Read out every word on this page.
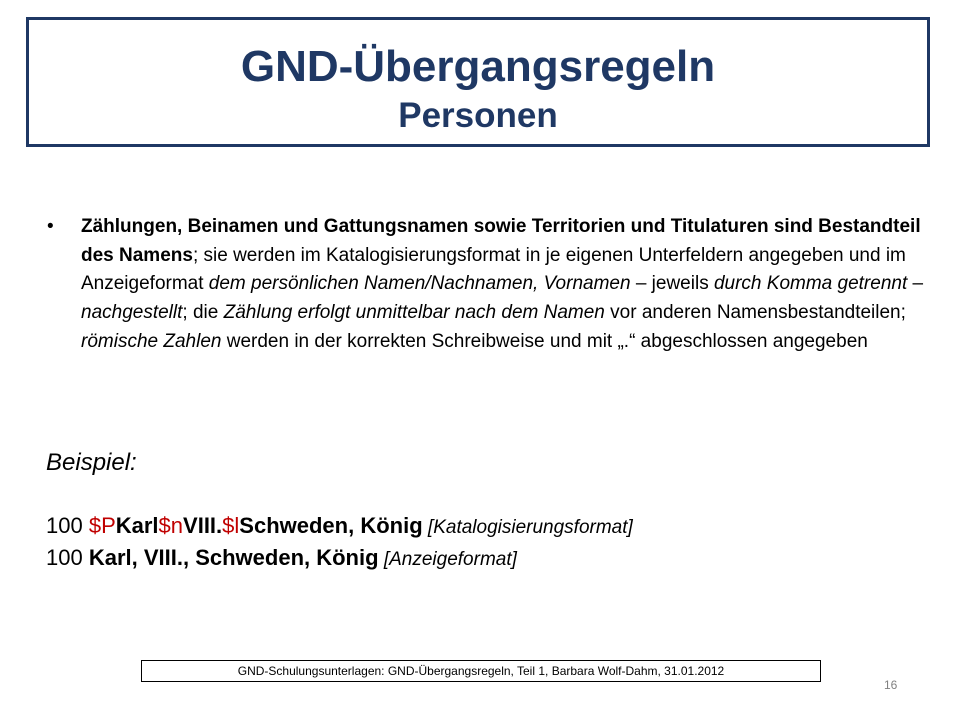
GND-Übergangsregeln
Personen
• Zählungen, Beinamen und Gattungsnamen sowie Territorien und Titulaturen sind Bestandteil des Namens; sie werden im Katalogisierungsformat in je eigenen Unterfeldern angegeben und im Anzeigeformat dem persönlichen Namen/Nachnamen, Vornamen – jeweils durch Komma getrennt – nachgestellt; die Zählung erfolgt unmittelbar nach dem Namen vor anderen Namensbestandteilen; römische Zahlen werden in der korrekten Schreibweise und mit „.“ abgeschlossen angegeben
Beispiel:
100 $PKarl$nVIII.$lSchweden, König [Katalogisierungsformat]
100 Karl, VIII., Schweden, König [Anzeigeformat]
GND-Schulungsunterlagen: GND-Übergangsregeln, Teil 1, Barbara Wolf-Dahm, 31.01.2012
16
